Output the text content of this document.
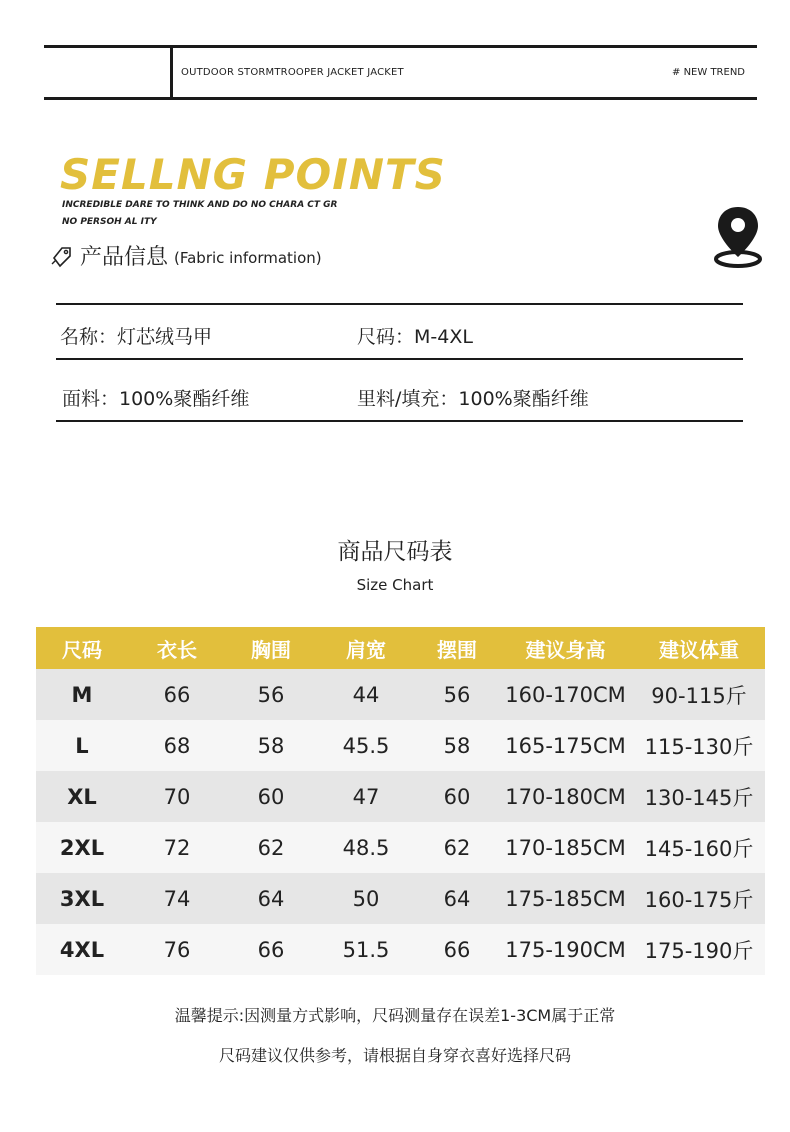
OUTDOOR STORMTROOPER JACKET JACKET	# NEW TREND
SELLNG POINTS
INCREDIBLE DARE TO THINK AND DO NO CHARA CT GR
NO PERSOH AL ITY
产品信息 (Fabric information)
名称：灯芯绒马甲	尺码：M-4XL
面料：100%聚酯纤维	里料/填充：100%聚酯纤维
商品尺码表
Size Chart
尺码	衣长	胸围	肩宽	摆围	建议身高	建议体重
M	66	56	44	56	160-170CM	90-115斤
L	68	58	45.5	58	165-175CM 115-130斤
XL	70	60	47	60	170-180CM 130-145斤
2XL	72	62	48.5	62	170-185CM 145-160斤
3XL	74	64	50	64	175-185CM 160-175斤
4XL	76	66	51.5	66	175-190CM 175-190斤
温馨提示:因测量方式影响，尺码测量存在误差1-3CM属于正常
尺码建议仅供参考，请根据自身穿衣喜好选择尺码
